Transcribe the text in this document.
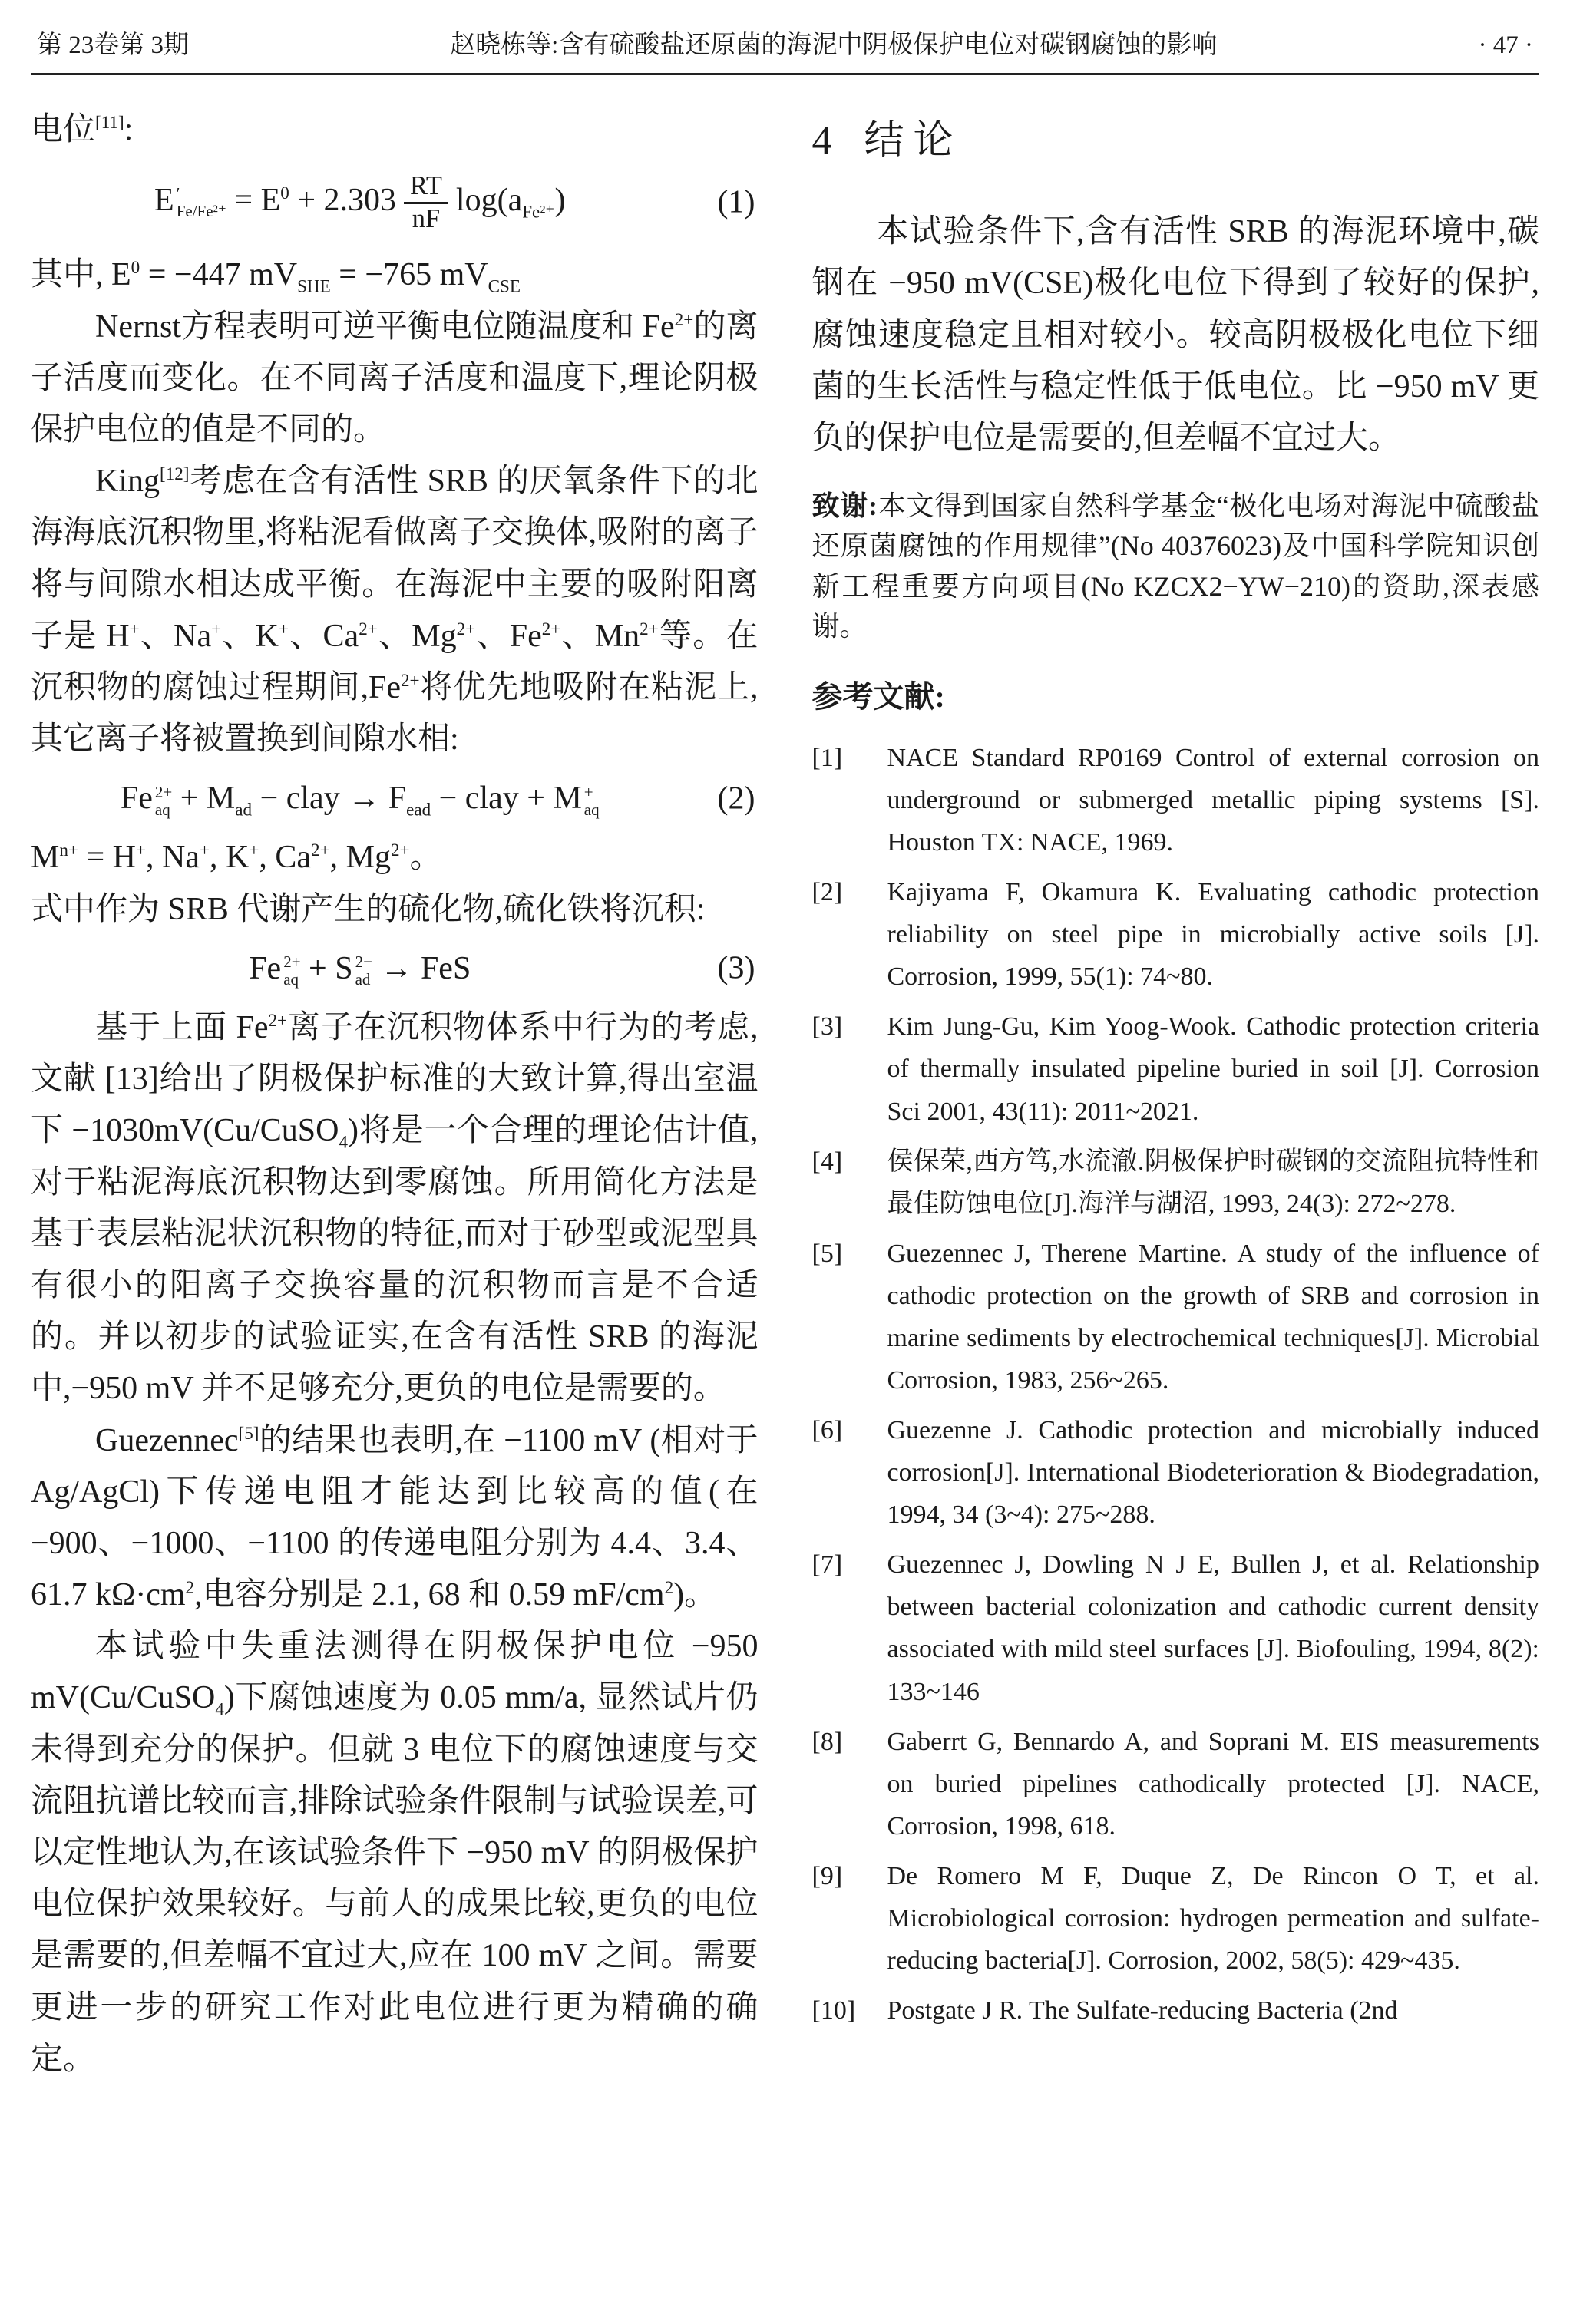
第 23卷第 3期	赵晓栋等:含有硫酸盐还原菌的海泥中阴极保护电位对碳钢腐蚀的影响	· 47 ·

电位[11]:

E ′
$Fe/Fe^{2+} = E^0 + 2.303 \frac{RT}{nF} \log(a_{Fe^{2+}})$	(1)

其中, $E^0 = -447$ $mV_{SHE} = -765$ $mV_{CSE}$

Nernst方程表明可逆平衡电位随温度和 $Fe^{2+}$的离子活度而变化。在不同离子活度和温度下,理论阴极保护电位的值是不同的。

King[12]考虑在含有活性 SRB 的厌氧条件下的北海海底沉积物里,将粘泥看做离子交换体,吸附的离子将与间隙水相达成平衡。在海泥中主要的吸附阳离子是 H+、Na+、K+、$Ca^{2+}$、$Mg^{2+}$、$Fe^{2+}$、$Mn^{2+}$等。在沉积物的腐蚀过程期间$,Fe^{2+}$将优先地吸附在粘泥上,其它离子将被置换到间隙水相:

Fe 2+
aq + $M_{ad}$ − clay → $F_{ead}$ − clay + M +
aq	(2)

$M^{n+} = H^+$, Na+, K+, $Ca^{2+}$, $Mg^{2+}$。

式中作为 SRB 代谢产生的硫化物,硫化铁将沉积:

Fe 2+
aq + S 2−
ad → FeS	(3)

基于上面 $Fe^{2+}$离子在沉积物体系中行为的考虑,文献 [13]给出了阴极保护标准的大致计算,得出室温下 −1030mV(Cu/CuSO$_4$)将是一个合理的理论估计值,对于粘泥海底沉积物达到零腐蚀。所用简化方法是基于表层粘泥状沉积物的特征,而对于砂型或泥型具有很小的阳离子交换容量的沉积物而言是不合适的。并以初步的试验证实,在含有活性 SRB 的海泥中,−950 mV 并不足够充分,更负的电位是需要的。

Guezennec[5]的结果也表明,在 −1100 mV (相对于 Ag/AgCl)下传递电阻才能达到比较高的值(在 −900、−1000、−1100 的传递电阻分别为 4.4、3.4、61.7 $k\Omega\cdot cm^2$,电容分别是 2.1, 68 和 0.59 $mF/cm^2$)。

本试验中失重法测得在阴极保护电位 −950 mV(Cu/CuSO$_4$)下腐蚀速度为 0.05 mm/a, 显然试片仍未得到充分的保护。但就 3 电位下的腐蚀速度与交流阻抗谱比较而言,排除试验条件限制与试验误差,可以定性地认为,在该试验条件下 −950 mV 的阴极保护电位保护效果较好。与前人的成果比较,更负的电位是需要的,但差幅不宜过大,应在 100 mV 之间。需要更进一步的研究工作对此电位进行更为精确的确定。

4 结论

本试验条件下,含有活性 SRB 的海泥环境中,碳钢在 −950 mV(CSE)极化电位下得到了较好的保护,腐蚀速度稳定且相对较小。较高阴极极化电位下细菌的生长活性与稳定性低于低电位。比 −950 mV 更负的保护电位是需要的,但差幅不宜过大。

致谢:本文得到国家自然科学基金“极化电场对海泥中硫酸盐还原菌腐蚀的作用规律”(No 40376023)及中国科学院知识创新工程重要方向项目(No KZCX2−YW−210)的资助,深表感谢。

参考文献:
[1]	NACE Standard RP0169 Control of external corrosion on underground or submerged metallic piping systems [S]. Houston TX: NACE, 1969.
[2]	Kajiyama F, Okamura K. Evaluating cathodic protection reliability on steel pipe in microbially active soils [J]. Corrosion, 1999, 55(1): 74~80.
[3]	Kim Jung-Gu, Kim Yoog-Wook. Cathodic protection criteria of thermally insulated pipeline buried in soil [J]. Corrosion Sci 2001, 43(11): 2011~2021.
[4]	侯保荣,西方笃,水流澈.阴极保护时碳钢的交流阻抗特性和最佳防蚀电位[J].海洋与湖沼, 1993, 24(3): 272~278.
[5]	Guezennec J, Therene Martine. A study of the influence of cathodic protection on the growth of SRB and corrosion in marine sediments by electrochemical techniques[J]. Microbial Corrosion, 1983, 256~265.
[6]	Guezenne J. Cathodic protection and microbially induced corrosion[J]. International Biodeterioration & Biodegradation, 1994, 34 (3~4): 275~288.
[7]	Guezennec J, Dowling N J E, Bullen J, et al. Relationship between bacterial colonization and cathodic current density associated with mild steel surfaces [J]. Biofouling, 1994, 8(2): 133~146
[8]	Gaberrt G, Bennardo A, and Soprani M. EIS measurements on buried pipelines cathodically protected [J]. NACE, Corrosion, 1998, 618.
[9]	De Romero M F, Duque Z, De Rincon O T, et al. Microbiological corrosion: hydrogen permeation and sulfate-reducing bacteria[J]. Corrosion, 2002, 58(5): 429~435.
[10]	Postgate J R. The Sulfate-reducing Bacteria (2nd
